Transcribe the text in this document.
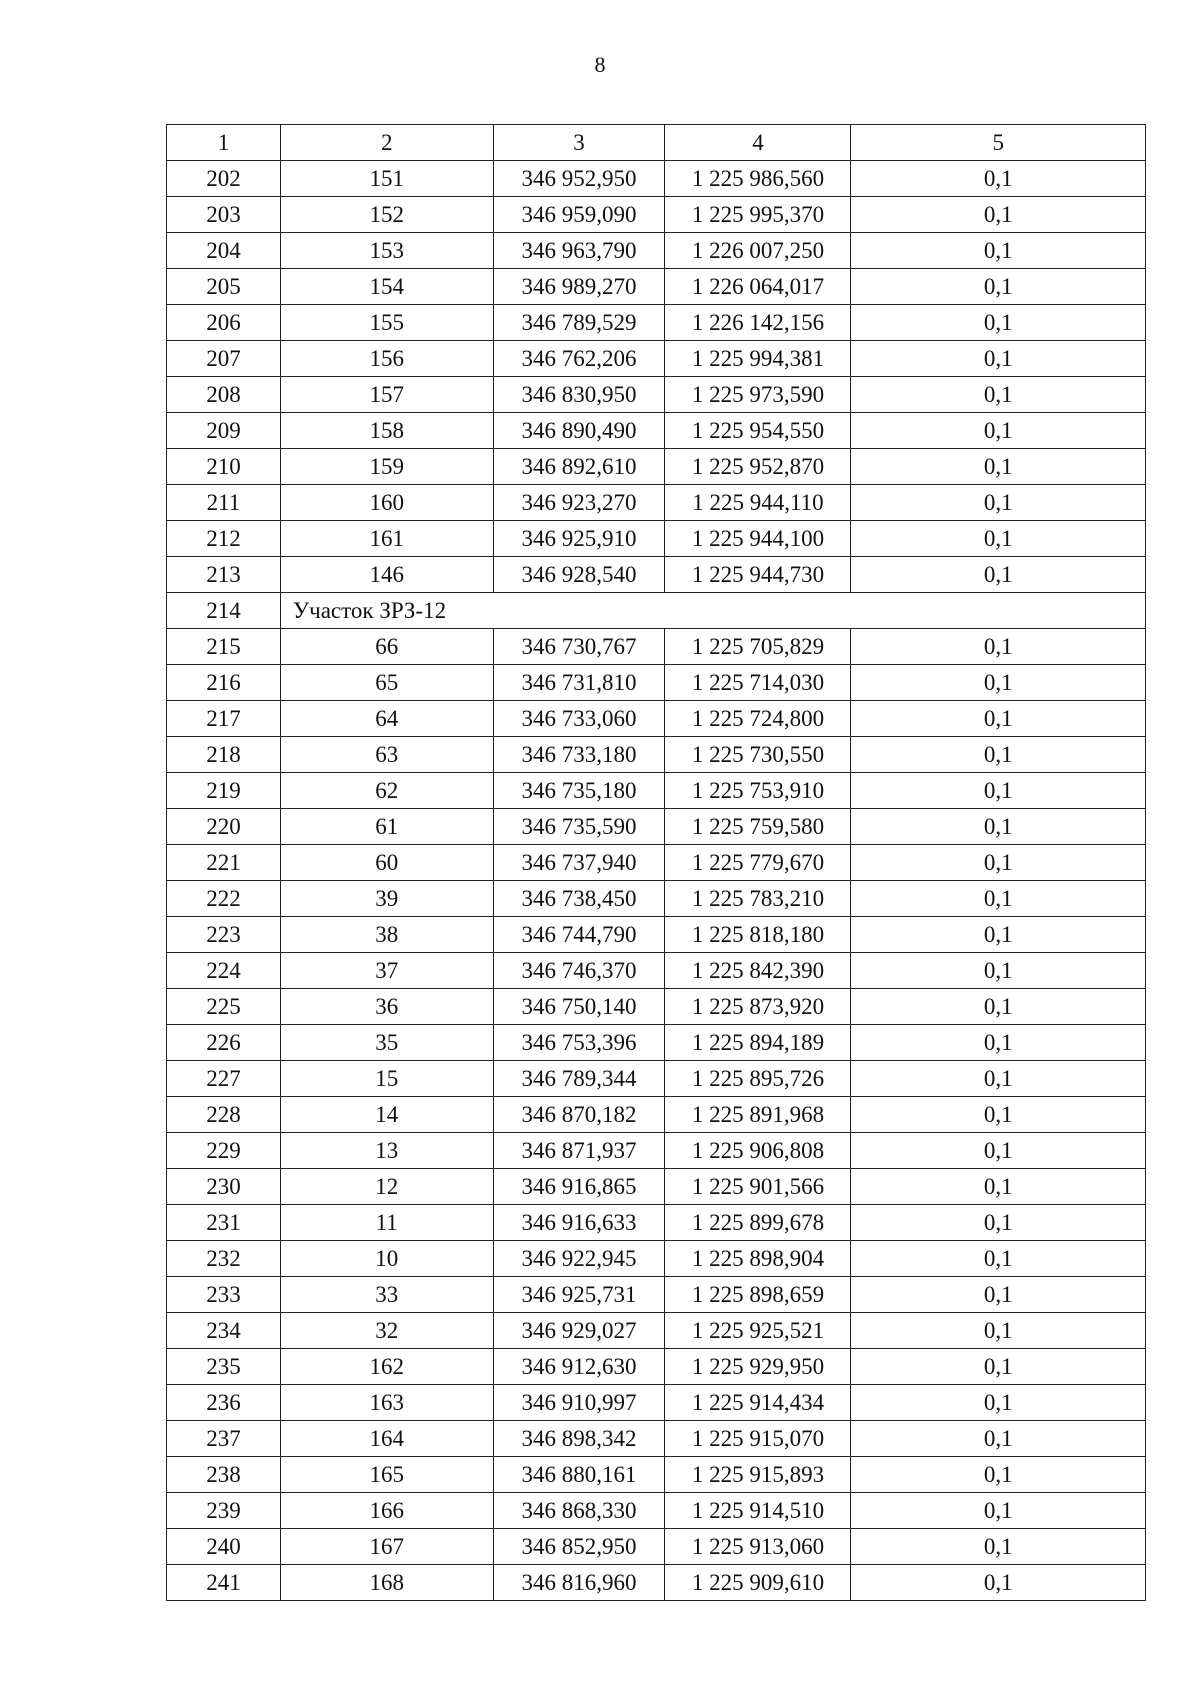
8
1	2	3	4	5
202	151	346 952,950	1 225 986,560	0,1
203	152	346 959,090	1 225 995,370	0,1
204	153	346 963,790	1 226 007,250	0,1
205	154	346 989,270	1 226 064,017	0,1
206	155	346 789,529	1 226 142,156	0,1
207	156	346 762,206	1 225 994,381	0,1
208	157	346 830,950	1 225 973,590	0,1
209	158	346 890,490	1 225 954,550	0,1
210	159	346 892,610	1 225 952,870	0,1
211	160	346 923,270	1 225 944,110	0,1
212	161	346 925,910	1 225 944,100	0,1
213	146	346 928,540	1 225 944,730	0,1
214	Участок ЗРЗ-12			
215	66	346 730,767	1 225 705,829	0,1
216	65	346 731,810	1 225 714,030	0,1
217	64	346 733,060	1 225 724,800	0,1
218	63	346 733,180	1 225 730,550	0,1
219	62	346 735,180	1 225 753,910	0,1
220	61	346 735,590	1 225 759,580	0,1
221	60	346 737,940	1 225 779,670	0,1
222	39	346 738,450	1 225 783,210	0,1
223	38	346 744,790	1 225 818,180	0,1
224	37	346 746,370	1 225 842,390	0,1
225	36	346 750,140	1 225 873,920	0,1
226	35	346 753,396	1 225 894,189	0,1
227	15	346 789,344	1 225 895,726	0,1
228	14	346 870,182	1 225 891,968	0,1
229	13	346 871,937	1 225 906,808	0,1
230	12	346 916,865	1 225 901,566	0,1
231	11	346 916,633	1 225 899,678	0,1
232	10	346 922,945	1 225 898,904	0,1
233	33	346 925,731	1 225 898,659	0,1
234	32	346 929,027	1 225 925,521	0,1
235	162	346 912,630	1 225 929,950	0,1
236	163	346 910,997	1 225 914,434	0,1
237	164	346 898,342	1 225 915,070	0,1
238	165	346 880,161	1 225 915,893	0,1
239	166	346 868,330	1 225 914,510	0,1
240	167	346 852,950	1 225 913,060	0,1
241	168	346 816,960	1 225 909,610	0,1
